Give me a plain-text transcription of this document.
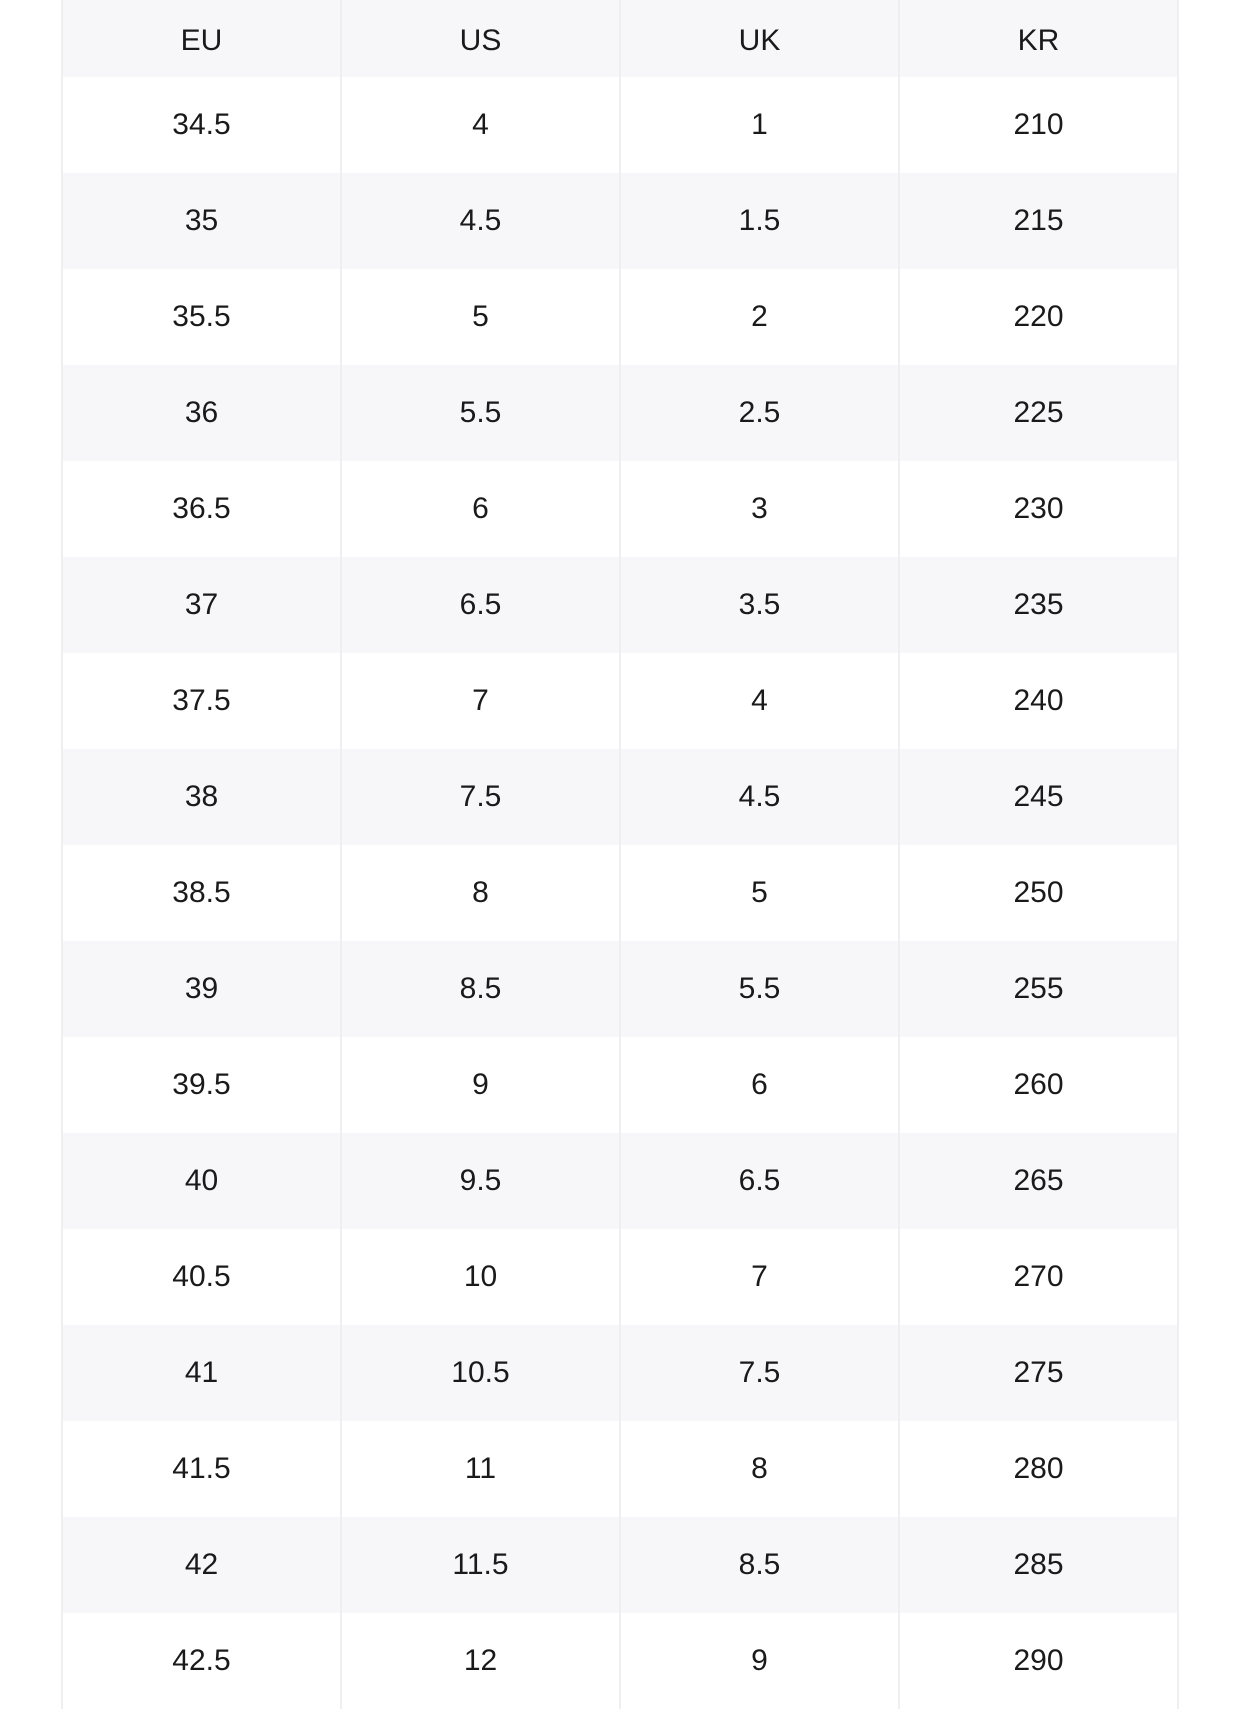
EU	US	UK	KR
34.5	4	1	210
35	4.5	1.5	215
35.5	5	2	220
36	5.5	2.5	225
36.5	6	3	230
37	6.5	3.5	235
37.5	7	4	240
38	7.5	4.5	245
38.5	8	5	250
39	8.5	5.5	255
39.5	9	6	260
40	9.5	6.5	265
40.5	10	7	270
41	10.5	7.5	275
41.5	11	8	280
42	11.5	8.5	285
42.5	12	9	290
